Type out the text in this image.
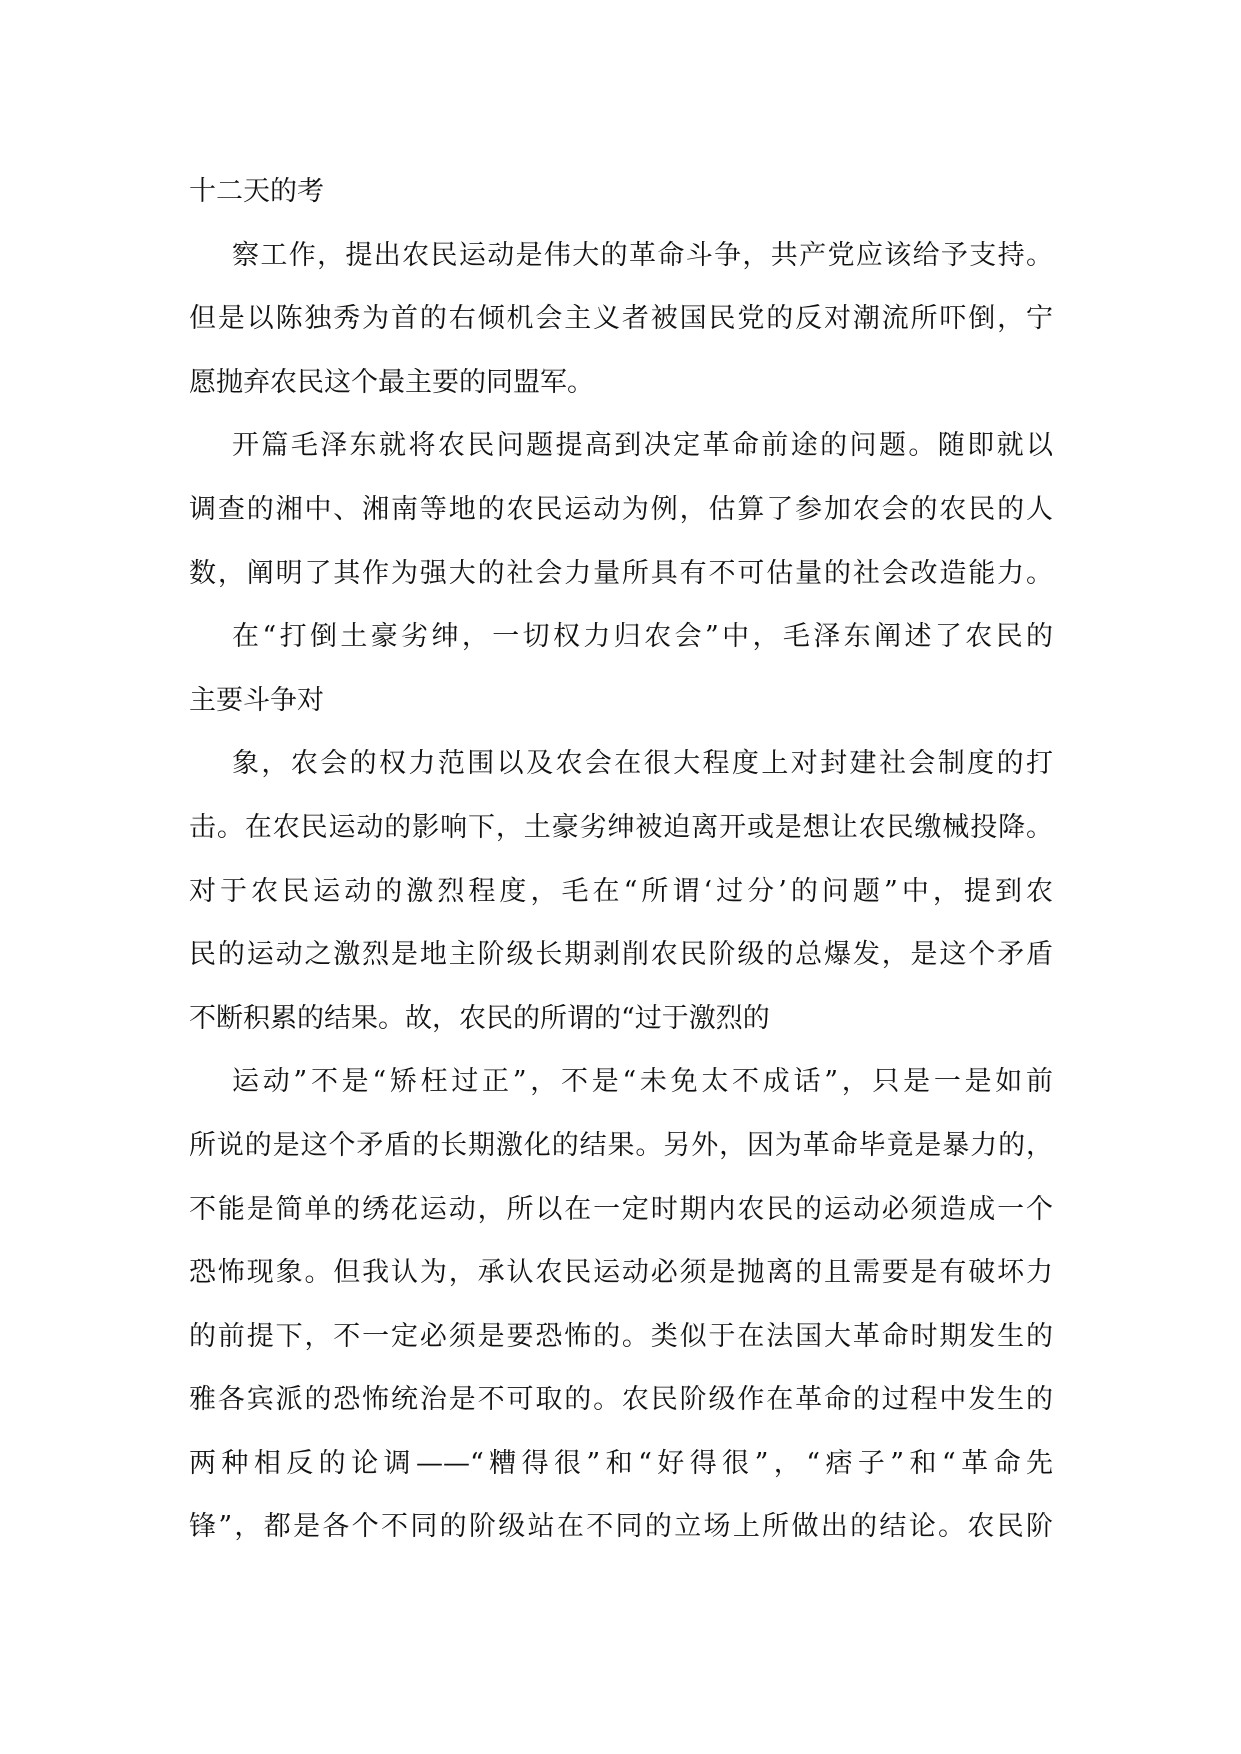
十二天的考
察工作，提出农民运动是伟大的革命斗争，共产党应该给予支持。
但是以陈独秀为首的右倾机会主义者被国民党的反对潮流所吓倒，宁
愿抛弃农民这个最主要的同盟军。
开篇毛泽东就将农民问题提高到决定革命前途的问题。随即就以
调查的湘中、湘南等地的农民运动为例，估算了参加农会的农民的人
数，阐明了其作为强大的社会力量所具有不可估量的社会改造能力。
在“打倒土豪劣绅，一切权力归农会”中，毛泽东阐述了农民的
主要斗争对
象，农会的权力范围以及农会在很大程度上对封建社会制度的打
击。在农民运动的影响下，土豪劣绅被迫离开或是想让农民缴械投降。
对于农民运动的激烈程度，毛在“所谓‘过分’的问题”中，提到农
民的运动之激烈是地主阶级长期剥削农民阶级的总爆发，是这个矛盾
不断积累的结果。故，农民的所谓的“过于激烈的
运动”不是“矫枉过正”，不是“未免太不成话”，只是一是如前
所说的是这个矛盾的长期激化的结果。另外，因为革命毕竟是暴力的，
不能是简单的绣花运动，所以在一定时期内农民的运动必须造成一个
恐怖现象。但我认为，承认农民运动必须是抛离的且需要是有破坏力
的前提下，不一定必须是要恐怖的。类似于在法国大革命时期发生的
雅各宾派的恐怖统治是不可取的。农民阶级作在革命的过程中发生的
两种相反的论调——“糟得很”和“好得很”，“痞子”和“革命先
锋”，都是各个不同的阶级站在不同的立场上所做出的结论。农民阶
